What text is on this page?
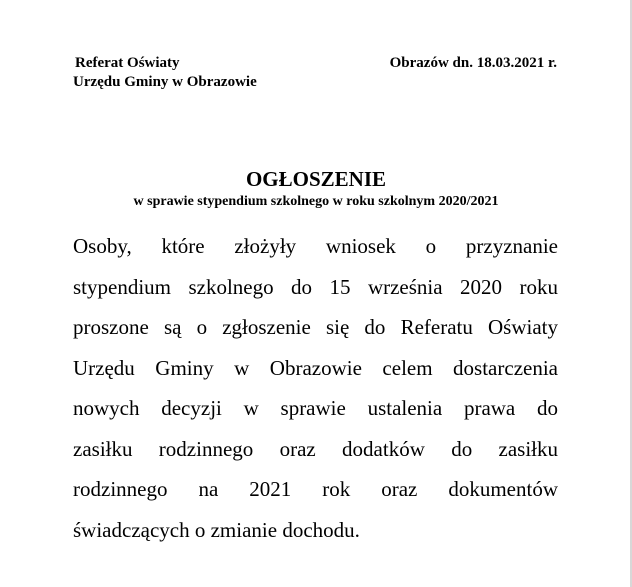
Referat Oświaty
Urzędu Gminy w Obrazowie
Obrazów dn. 18.03.2021 r.
OGŁOSZENIE
w sprawie stypendium szkolnego w roku szkolnym 2020/2021
Osoby, które złożyły wniosek o przyznanie
stypendium szkolnego do 15 września 2020 roku
proszone są o zgłoszenie się do Referatu Oświaty
Urzędu Gminy w Obrazowie celem dostarczenia
nowych decyzji w sprawie ustalenia prawa do
zasiłku rodzinnego oraz dodatków do zasiłku
rodzinnego na 2021 rok oraz dokumentów
świadczących o zmianie dochodu.
